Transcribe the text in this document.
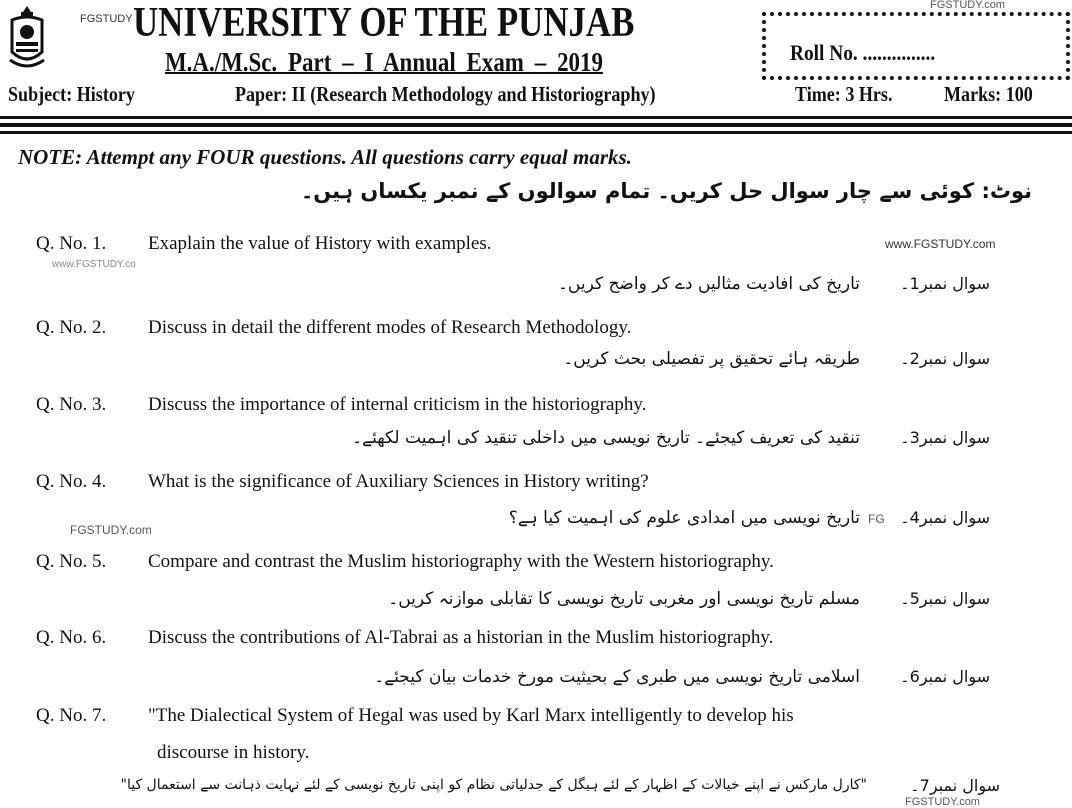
FGSTUDY UNIVERSITY OF THE PUNJAB
M.A./M.Sc. Part – I Annual Exam – 2019
FGSTUDY.com
Roll No. ...............
Subject: History	Paper: II (Research Methodology and Historiography)	Time: 3 Hrs. Marks: 100
NOTE: Attempt any FOUR questions. All questions carry equal marks.
نوٹ: کوئی سے چار سوال حل کریں۔ تمام سوالوں کے نمبر یکساں ہیں۔
Q. No. 1. Exaplain the value of History with examples.	www.FGSTUDY.com
www.FGSTUDY.co
سوال نمبر1۔
تاریخ کی افادیت مثالیں دے کر واضح کریں۔
Q. No. 2. Discuss in detail the different modes of Research Methodology.
سوال نمبر2۔
طریقہ ہائے تحقیق پر تفصیلی بحث کریں۔
Q. No. 3. Discuss the importance of internal criticism in the historiography.
سوال نمبر3۔
تنقید کی تعریف کیجئے۔ تاریخ نویسی میں داخلی تنقید کی اہمیت لکھئے۔
Q. No. 4. What is the significance of Auxiliary Sciences in History writing?
FGSTUDY.com
سوال نمبر4۔
FG
تاریخ نویسی میں امدادی علوم کی اہمیت کیا ہے؟
Q. No. 5. Compare and contrast the Muslim historiography with the Western historiography.
سوال نمبر5۔
مسلم تاریخ نویسی اور مغربی تاریخ نویسی کا تقابلی موازنہ کریں۔
Q. No. 6. Discuss the contributions of Al-Tabrai as a historian in the Muslim historiography.
سوال نمبر6۔
اسلامی تاریخ نویسی میں طبری کے بحیثیت مورخ خدمات بیان کیجئے۔
Q. No. 7. "The Dialectical System of Hegal was used by Karl Marx intelligently to develop his
discourse in history.
سوال نمبر7۔
"کارل مارکس نے اپنے خیالات کے اظہار کے لئے ہیگل کے جدلیاتی نظام کو اپنی تاریخ نویسی کے لئے نہایت ذہانت سے استعمال کیا"
FGSTUDY.com
